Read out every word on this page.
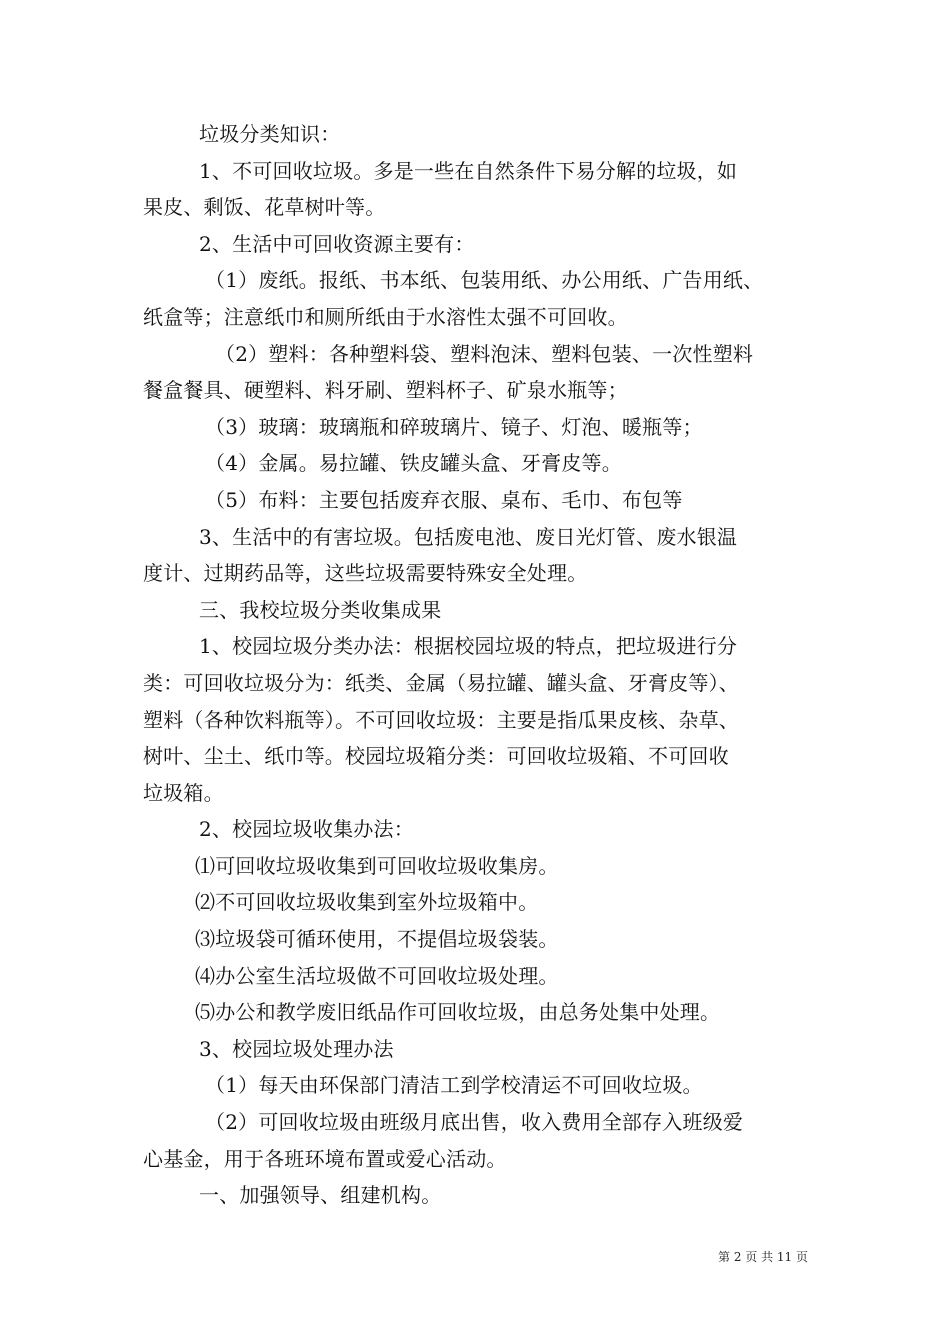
垃圾分类知识：
1、不可回收垃圾。多是一些在自然条件下易分解的垃圾，如
果皮、剩饭、花草树叶等。
2、生活中可回收资源主要有：
（1）废纸。报纸、书本纸、包装用纸、办公用纸、广告用纸、
纸盒等；注意纸巾和厕所纸由于水溶性太强不可回收。
（2）塑料：各种塑料袋、塑料泡沫、塑料包装、一次性塑料
餐盒餐具、硬塑料、料牙刷、塑料杯子、矿泉水瓶等；
（3）玻璃：玻璃瓶和碎玻璃片、镜子、灯泡、暖瓶等；
（4）金属。易拉罐、铁皮罐头盒、牙膏皮等。
（5）布料：主要包括废弃衣服、桌布、毛巾、布包等
3、生活中的有害垃圾。包括废电池、废日光灯管、废水银温
度计、过期药品等，这些垃圾需要特殊安全处理。
三、我校垃圾分类收集成果
1、校园垃圾分类办法：根据校园垃圾的特点，把垃圾进行分
类：可回收垃圾分为：纸类、金属（易拉罐、罐头盒、牙膏皮等）、
塑料（各种饮料瓶等）。不可回收垃圾：主要是指瓜果皮核、杂草、
树叶、尘土、纸巾等。校园垃圾箱分类：可回收垃圾箱、不可回收
垃圾箱。
2、校园垃圾收集办法：
⑴可回收垃圾收集到可回收垃圾收集房。
⑵不可回收垃圾收集到室外垃圾箱中。
⑶垃圾袋可循环使用，不提倡垃圾袋装。
⑷办公室生活垃圾做不可回收垃圾处理。
⑸办公和教学废旧纸品作可回收垃圾，由总务处集中处理。
3、校园垃圾处理办法
（1）每天由环保部门清洁工到学校清运不可回收垃圾。
（2）可回收垃圾由班级月底出售，收入费用全部存入班级爱
心基金，用于各班环境布置或爱心活动。
一、加强领导、组建机构。
第 2 页 共 11 页
